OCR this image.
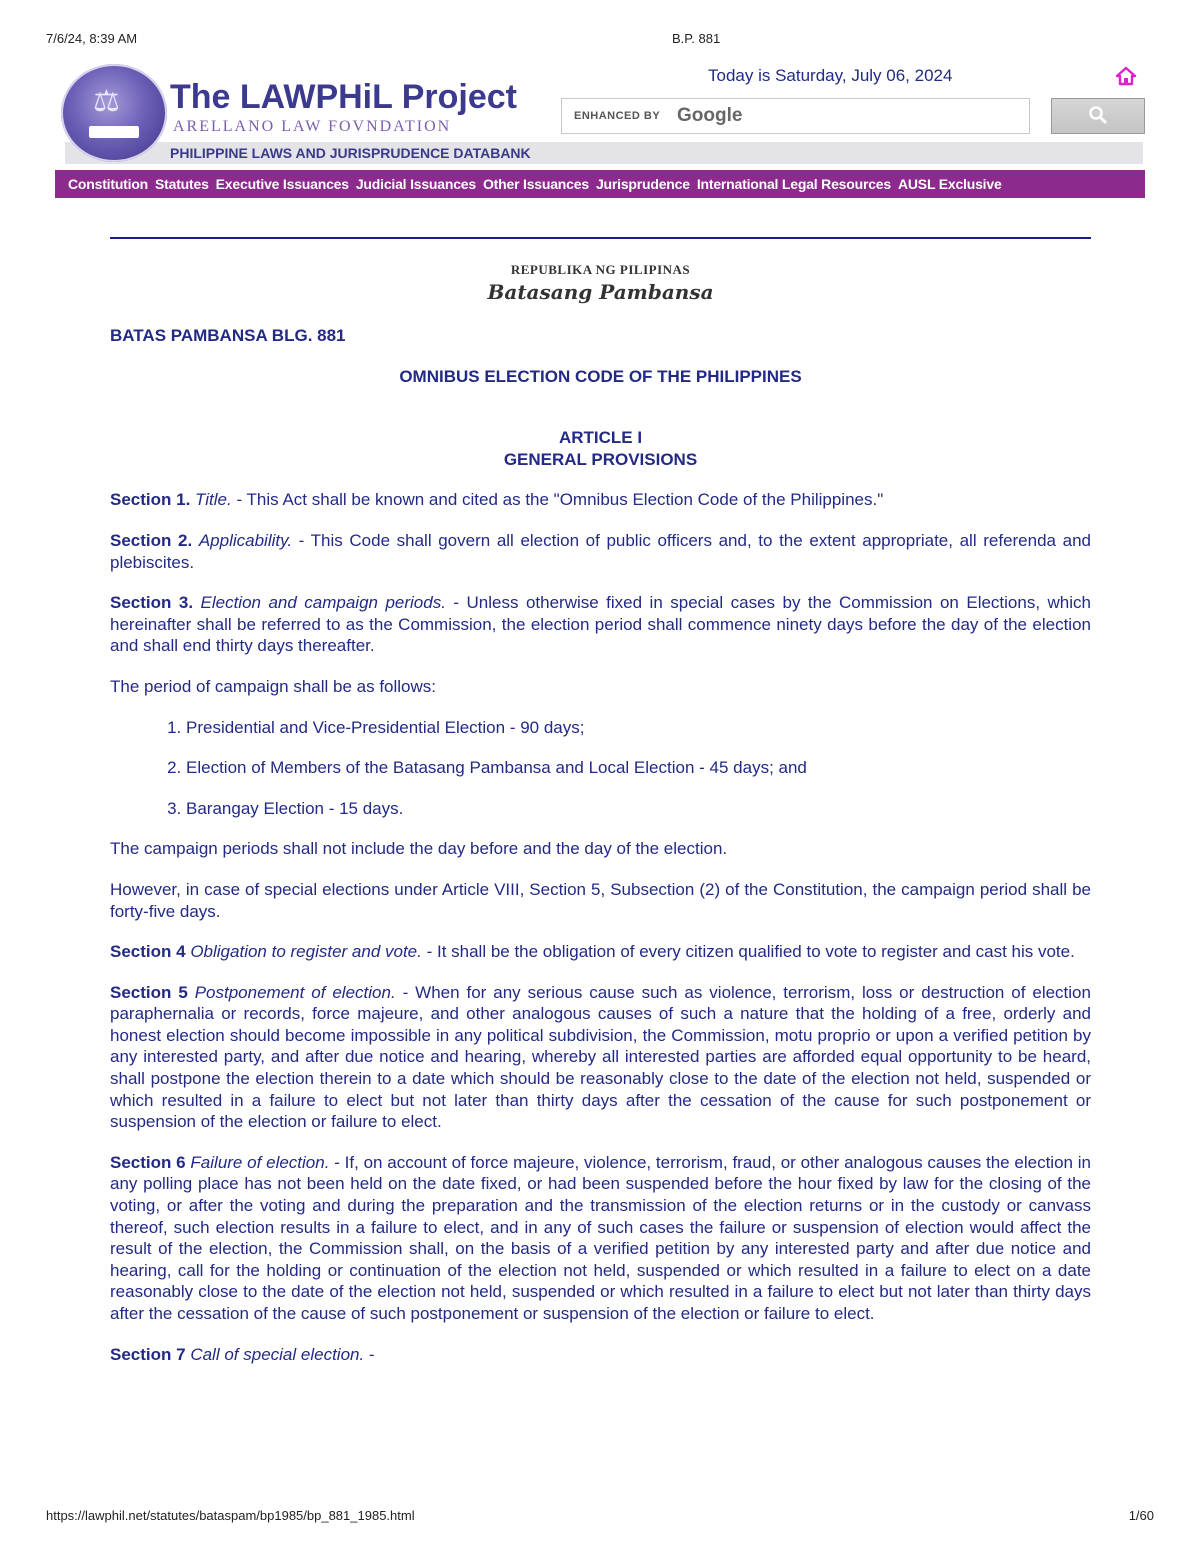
7/6/24, 8:39 AM	B.P. 881
PHILIPPINE LAWS AND JURISPRUDENCE DATABANK
⚖ The LAWPHiL Project
ARELLANO LAW FOVNDATION
Today is Saturday, July 06, 2024
ENHANCED BY Google
Constitution Statutes Executive Issuances Judicial Issuances Other Issuances Jurisprudence International Legal Resources AUSL Exclusive
REPUBLIKA NG PILIPINAS
Batasang Pambansa

BATAS PAMBANSA BLG. 881

OMNIBUS ELECTION CODE OF THE PHILIPPINES

ARTICLE I
GENERAL PROVISIONS

Section 1. Title. - This Act shall be known and cited as the "Omnibus Election Code of the Philippines."

Section 2. Applicability. - This Code shall govern all election of public officers and, to the extent appropriate, all referenda and plebiscites.

Section 3. Election and campaign periods. - Unless otherwise fixed in special cases by the Commission on Elections, which hereinafter shall be referred to as the Commission, the election period shall commence ninety days before the day of the election and shall end thirty days thereafter.

The period of campaign shall be as follows:

1. Presidential and Vice-Presidential Election - 90 days;
2. Election of Members of the Batasang Pambansa and Local Election - 45 days; and
3. Barangay Election - 15 days.

The campaign periods shall not include the day before and the day of the election.

However, in case of special elections under Article VIII, Section 5, Subsection (2) of the Constitution, the campaign period shall be forty-five days.

Section 4 Obligation to register and vote. - It shall be the obligation of every citizen qualified to vote to register and cast his vote.

Section 5 Postponement of election. - When for any serious cause such as violence, terrorism, loss or destruction of election paraphernalia or records, force majeure, and other analogous causes of such a nature that the holding of a free, orderly and honest election should become impossible in any political subdivision, the Commission, motu proprio or upon a verified petition by any interested party, and after due notice and hearing, whereby all interested parties are afforded equal opportunity to be heard, shall postpone the election therein to a date which should be reasonably close to the date of the election not held, suspended or which resulted in a failure to elect but not later than thirty days after the cessation of the cause for such postponement or suspension of the election or failure to elect.

Section 6 Failure of election. - If, on account of force majeure, violence, terrorism, fraud, or other analogous causes the election in any polling place has not been held on the date fixed, or had been suspended before the hour fixed by law for the closing of the voting, or after the voting and during the preparation and the transmission of the election returns or in the custody or canvass thereof, such election results in a failure to elect, and in any of such cases the failure or suspension of election would affect the result of the election, the Commission shall, on the basis of a verified petition by any interested party and after due notice and hearing, call for the holding or continuation of the election not held, suspended or which resulted in a failure to elect on a date reasonably close to the date of the election not held, suspended or which resulted in a failure to elect but not later than thirty days after the cessation of the cause of such postponement or suspension of the election or failure to elect.

Section 7 Call of special election. -

https://lawphil.net/statutes/bataspam/bp1985/bp_881_1985.html	1/60
